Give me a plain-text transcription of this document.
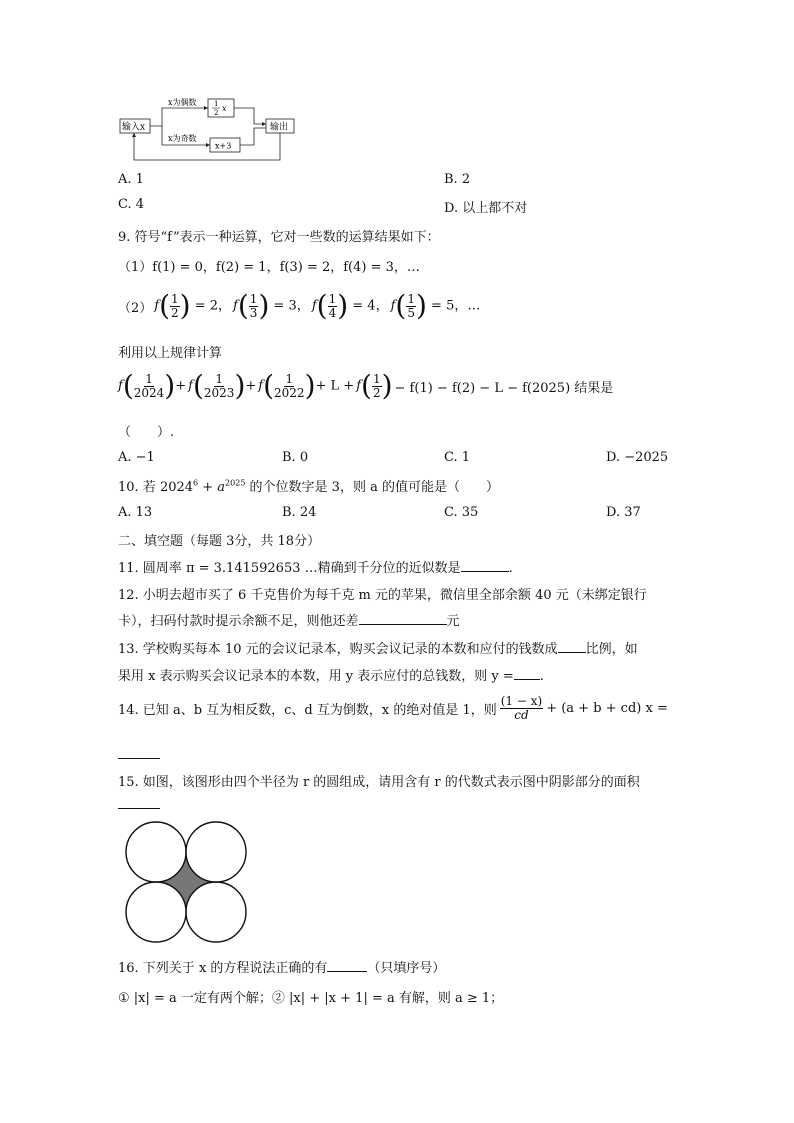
输入x
x为偶数
x为奇数
1
2 x
x+3
输出
A. 1	B. 2
C. 4	D. 以上都不对
9. 符号“f”表示一种运算，它对一些数的运算结果如下：
（1）f(1) = 0，f(2) = 1，f(3) = 2，f(4) = 3，…
（2） $f( \frac{1}{2}$ ) = 2， $f( \frac{1}{3}$ ) = 3， $f( \frac{1}{4}$ ) = 4， $f( \frac{1}{5}$ ) = 5，…
利用以上规律计算
$f( \frac{1}{2024}$ )+ $f( \frac{1}{2023}$ )+ $f( \frac{1}{2022}$ )+ $L + f( \frac{1}{2}$ ) − f(1) − f(2) − L − f(2025) 结果是
（　　）.
A. −1	B. 0	C. 1	D. −2025
10. 若 $2024^6 + a^{2025}$ 的个位数字是 3，则 a 的值可能是（　　）
A. 13	B. 24	C. 35	D. 37
二、填空题（每题 3分，共 18分）
11. 圆周率 π = 3.141592653 …精确到千分位的近似数是	.
12. 小明去超市买了 6 千克售价为每千克 m 元的苹果，微信里全部余额 40 元（未绑定银行
卡），扫码付款时提示余额不足，则他还差	元
13. 学校购买每本 10 元的会议记录本，购买会议记录的本数和应付的钱数成 比例，如
果用 x 表示购买会议记录本的本数，用 y 表示应付的总钱数，则 y = .
14. 已知 a、b 互为相反数，c、d 互为倒数，x 的绝对值是 1，则
(1 − x)
cd + (a + b + cd) x =
15. 如图，该图形由四个半径为 r 的圆组成，请用含有 r 的代数式表示图中阴影部分的面积
16. 下列关于 x 的方程说法正确的有	（只填序号）
① |x| = a 一定有两个解；② |x| + |x + 1| = a 有解，则 a ≥ 1；
